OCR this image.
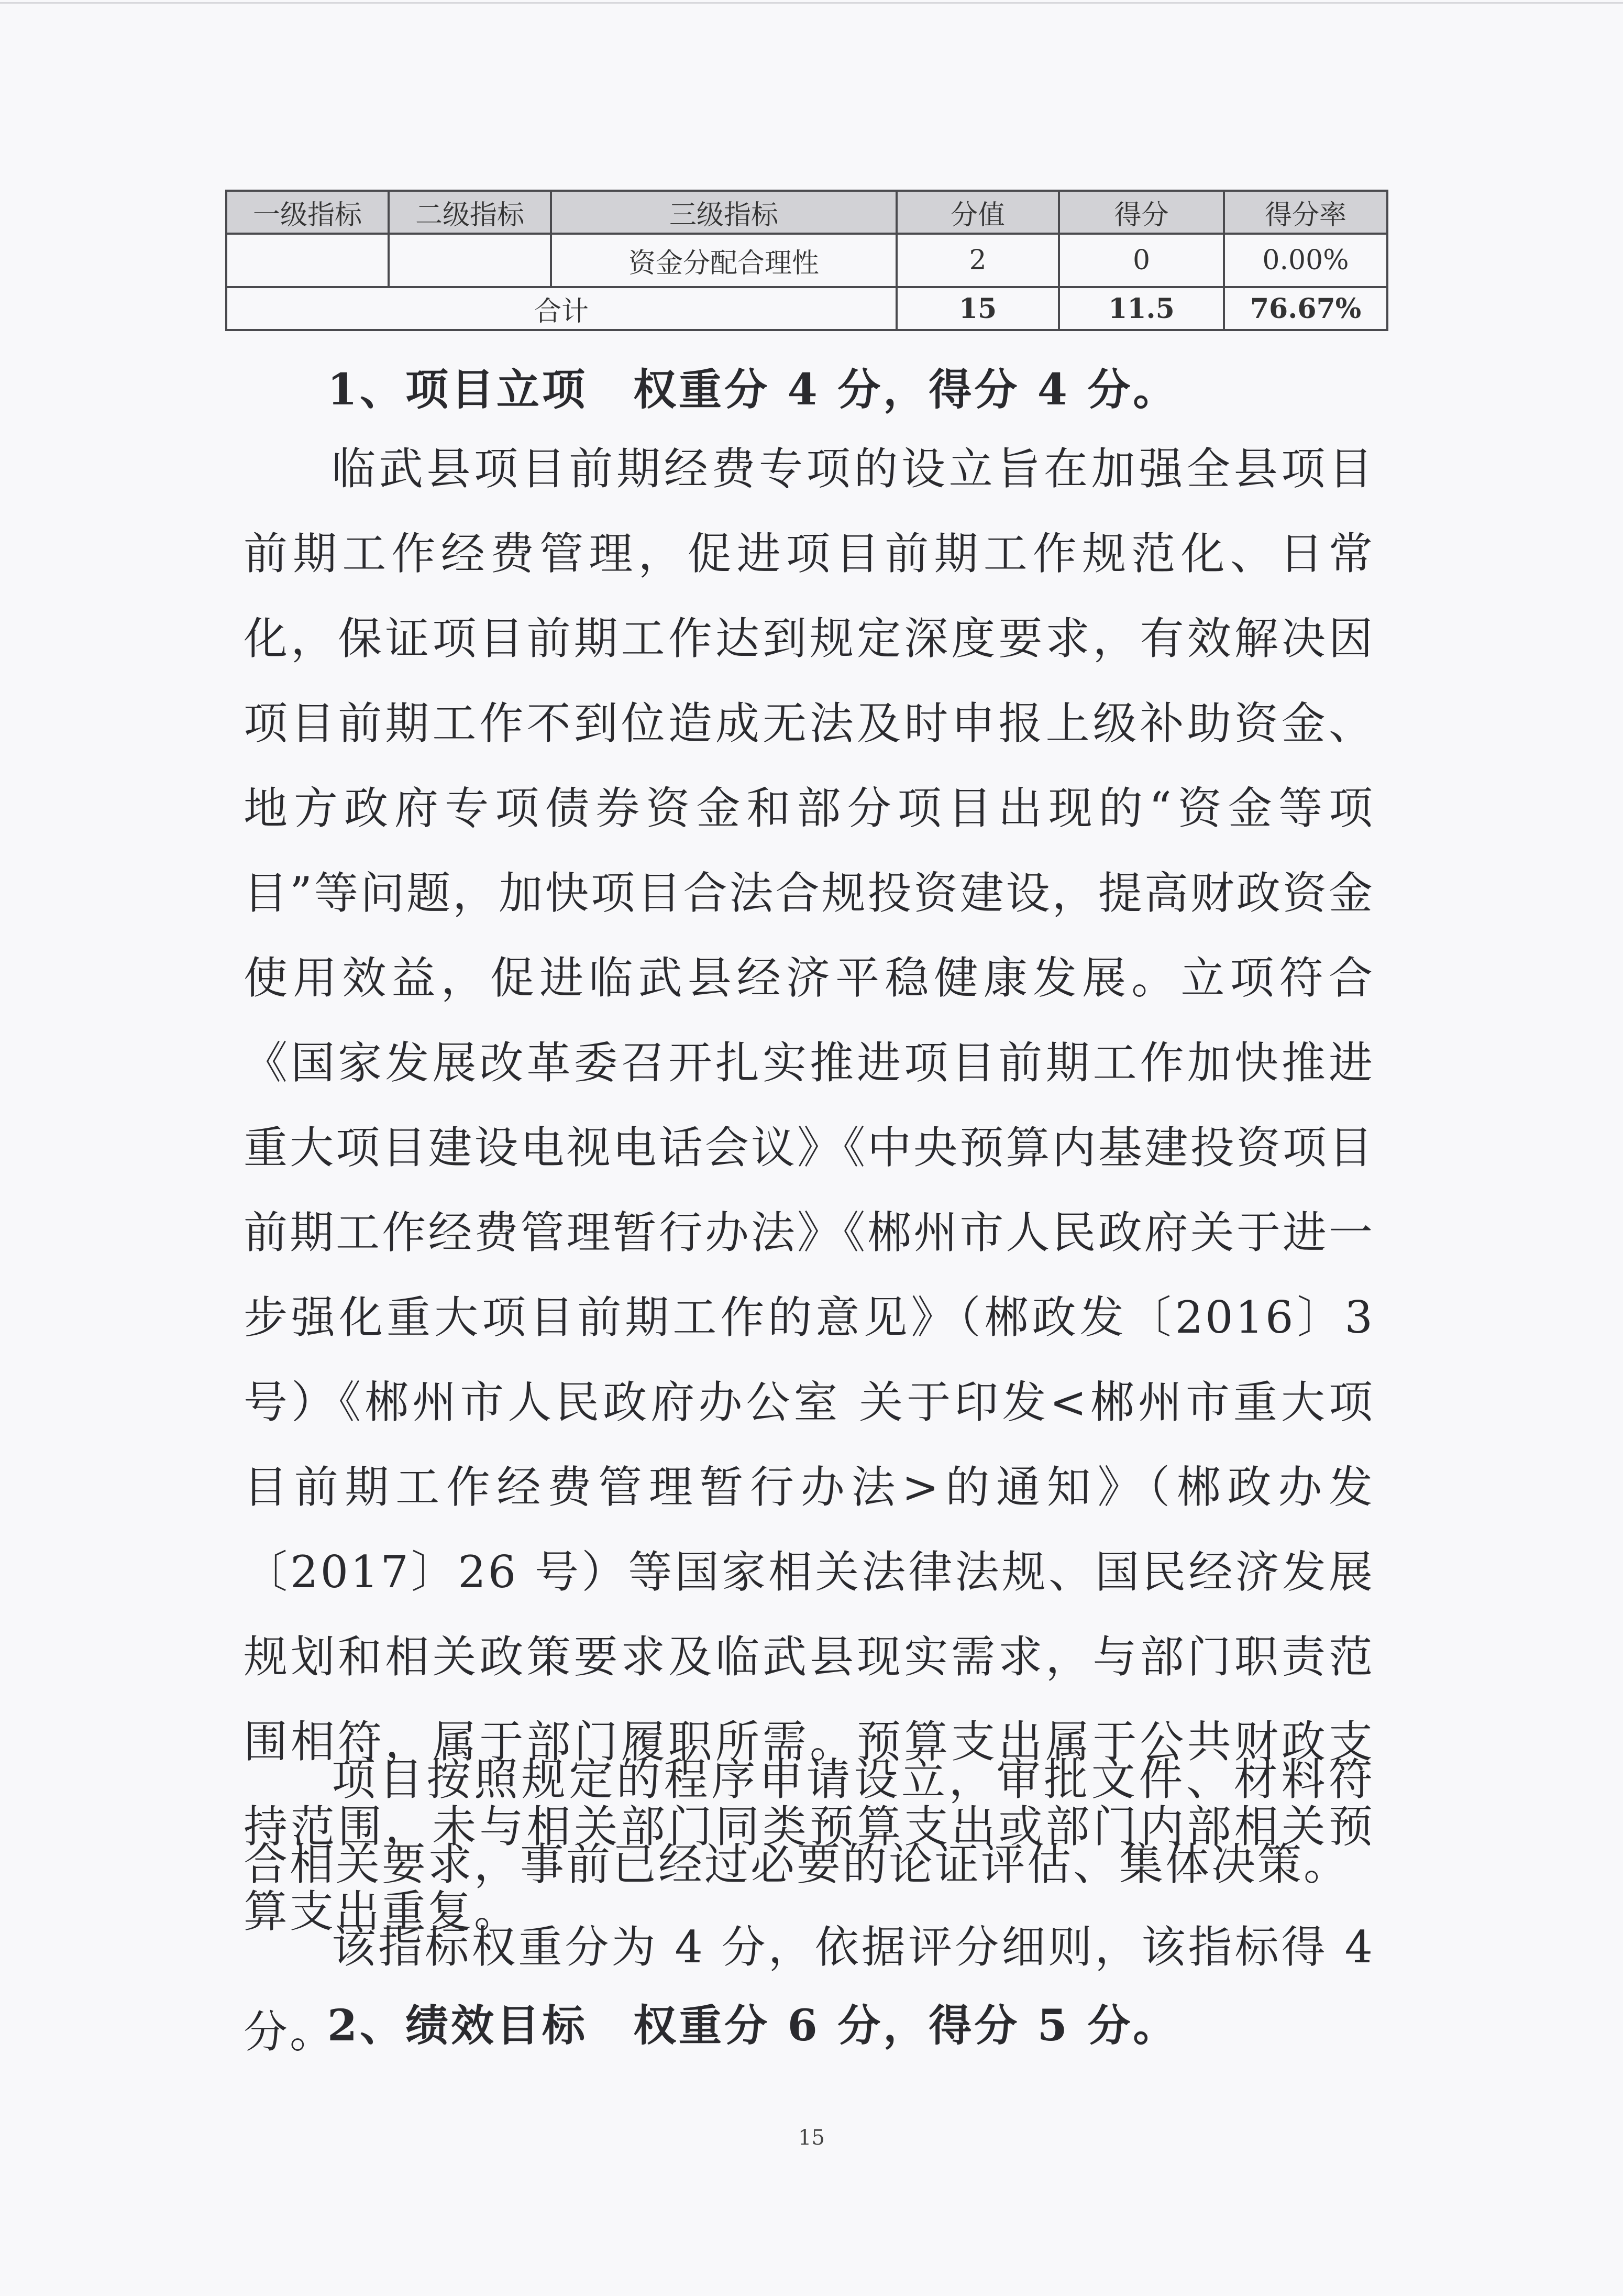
一级指标	二级指标	三级指标	分值	得分	得分率
		资金分配合理性	2	0	0.00%
合计			15	11.5	76.67%
1、项目立项　权重分 4 分，得分 4 分。
临武县项目前期经费专项的设立旨在加强全县项目前期工作经费管理，促进项目前期工作规范化、日常化，保证项目前期工作达到规定深度要求，有效解决因项目前期工作不到位造成无法及时申报上级补助资金、地方政府专项债券资金和部分项目出现的“资金等项目”等问题，加快项目合法合规投资建设，提高财政资金使用效益，促进临武县经济平稳健康发展。立项符合《国家发展改革委召开扎实推进项目前期工作加快推进重大项目建设电视电话会议》《中央预算内基建投资项目前期工作经费管理暂行办法》《郴州市人民政府关于进一步强化重大项目前期工作的意见》（郴政发〔2016〕3 号）《郴州市人民政府办公室 关于印发<郴州市重大项目前期工作经费管理暂行办法>的通知》（郴政办发〔2017〕26 号）等国家相关法律法规、国民经济发展规划和相关政策要求及临武县现实需求，与部门职责范围相符，属于部门履职所需。预算支出属于公共财政支持范围，未与相关部门同类预算支出或部门内部相关预算支出重复。
项目按照规定的程序申请设立，审批文件、材料符合相关要求，事前已经过必要的论证评估、集体决策。
该指标权重分为 4 分，依据评分细则，该指标得 4 分。
2、绩效目标　权重分 6 分，得分 5 分。
15
